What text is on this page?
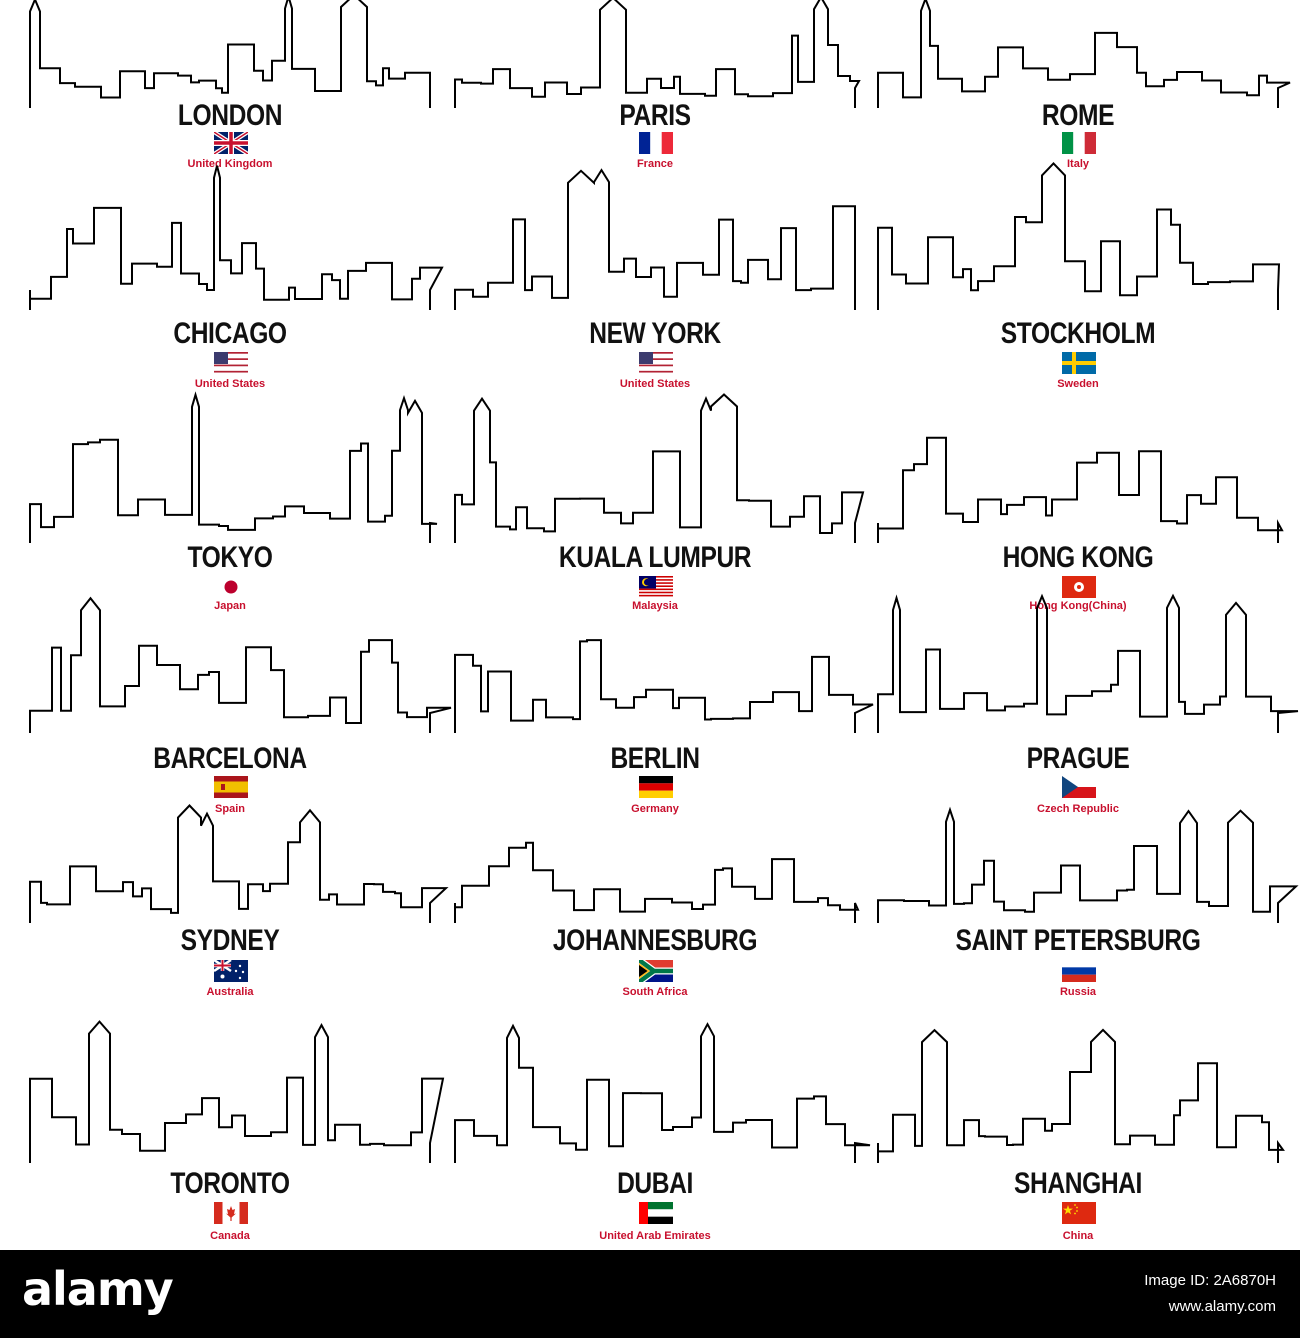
LONDON
United Kingdom
PARIS
France
ROME
Italy
CHICAGO
United States
NEW YORK
United States
STOCKHOLM
Sweden
TOKYO
Japan
KUALA LUMPUR
Malaysia
HONG KONG
Hong Kong(China)
BARCELONA
Spain
BERLIN
Germany
PRAGUE
Czech Republic
SYDNEY
Australia
JOHANNESBURG
South Africa
SAINT PETERSBURG
Russia
TORONTO
Canada
DUBAI
United Arab Emirates
SHANGHAI
China
alamy	Image ID: 2A6870H
www.alamy.com
